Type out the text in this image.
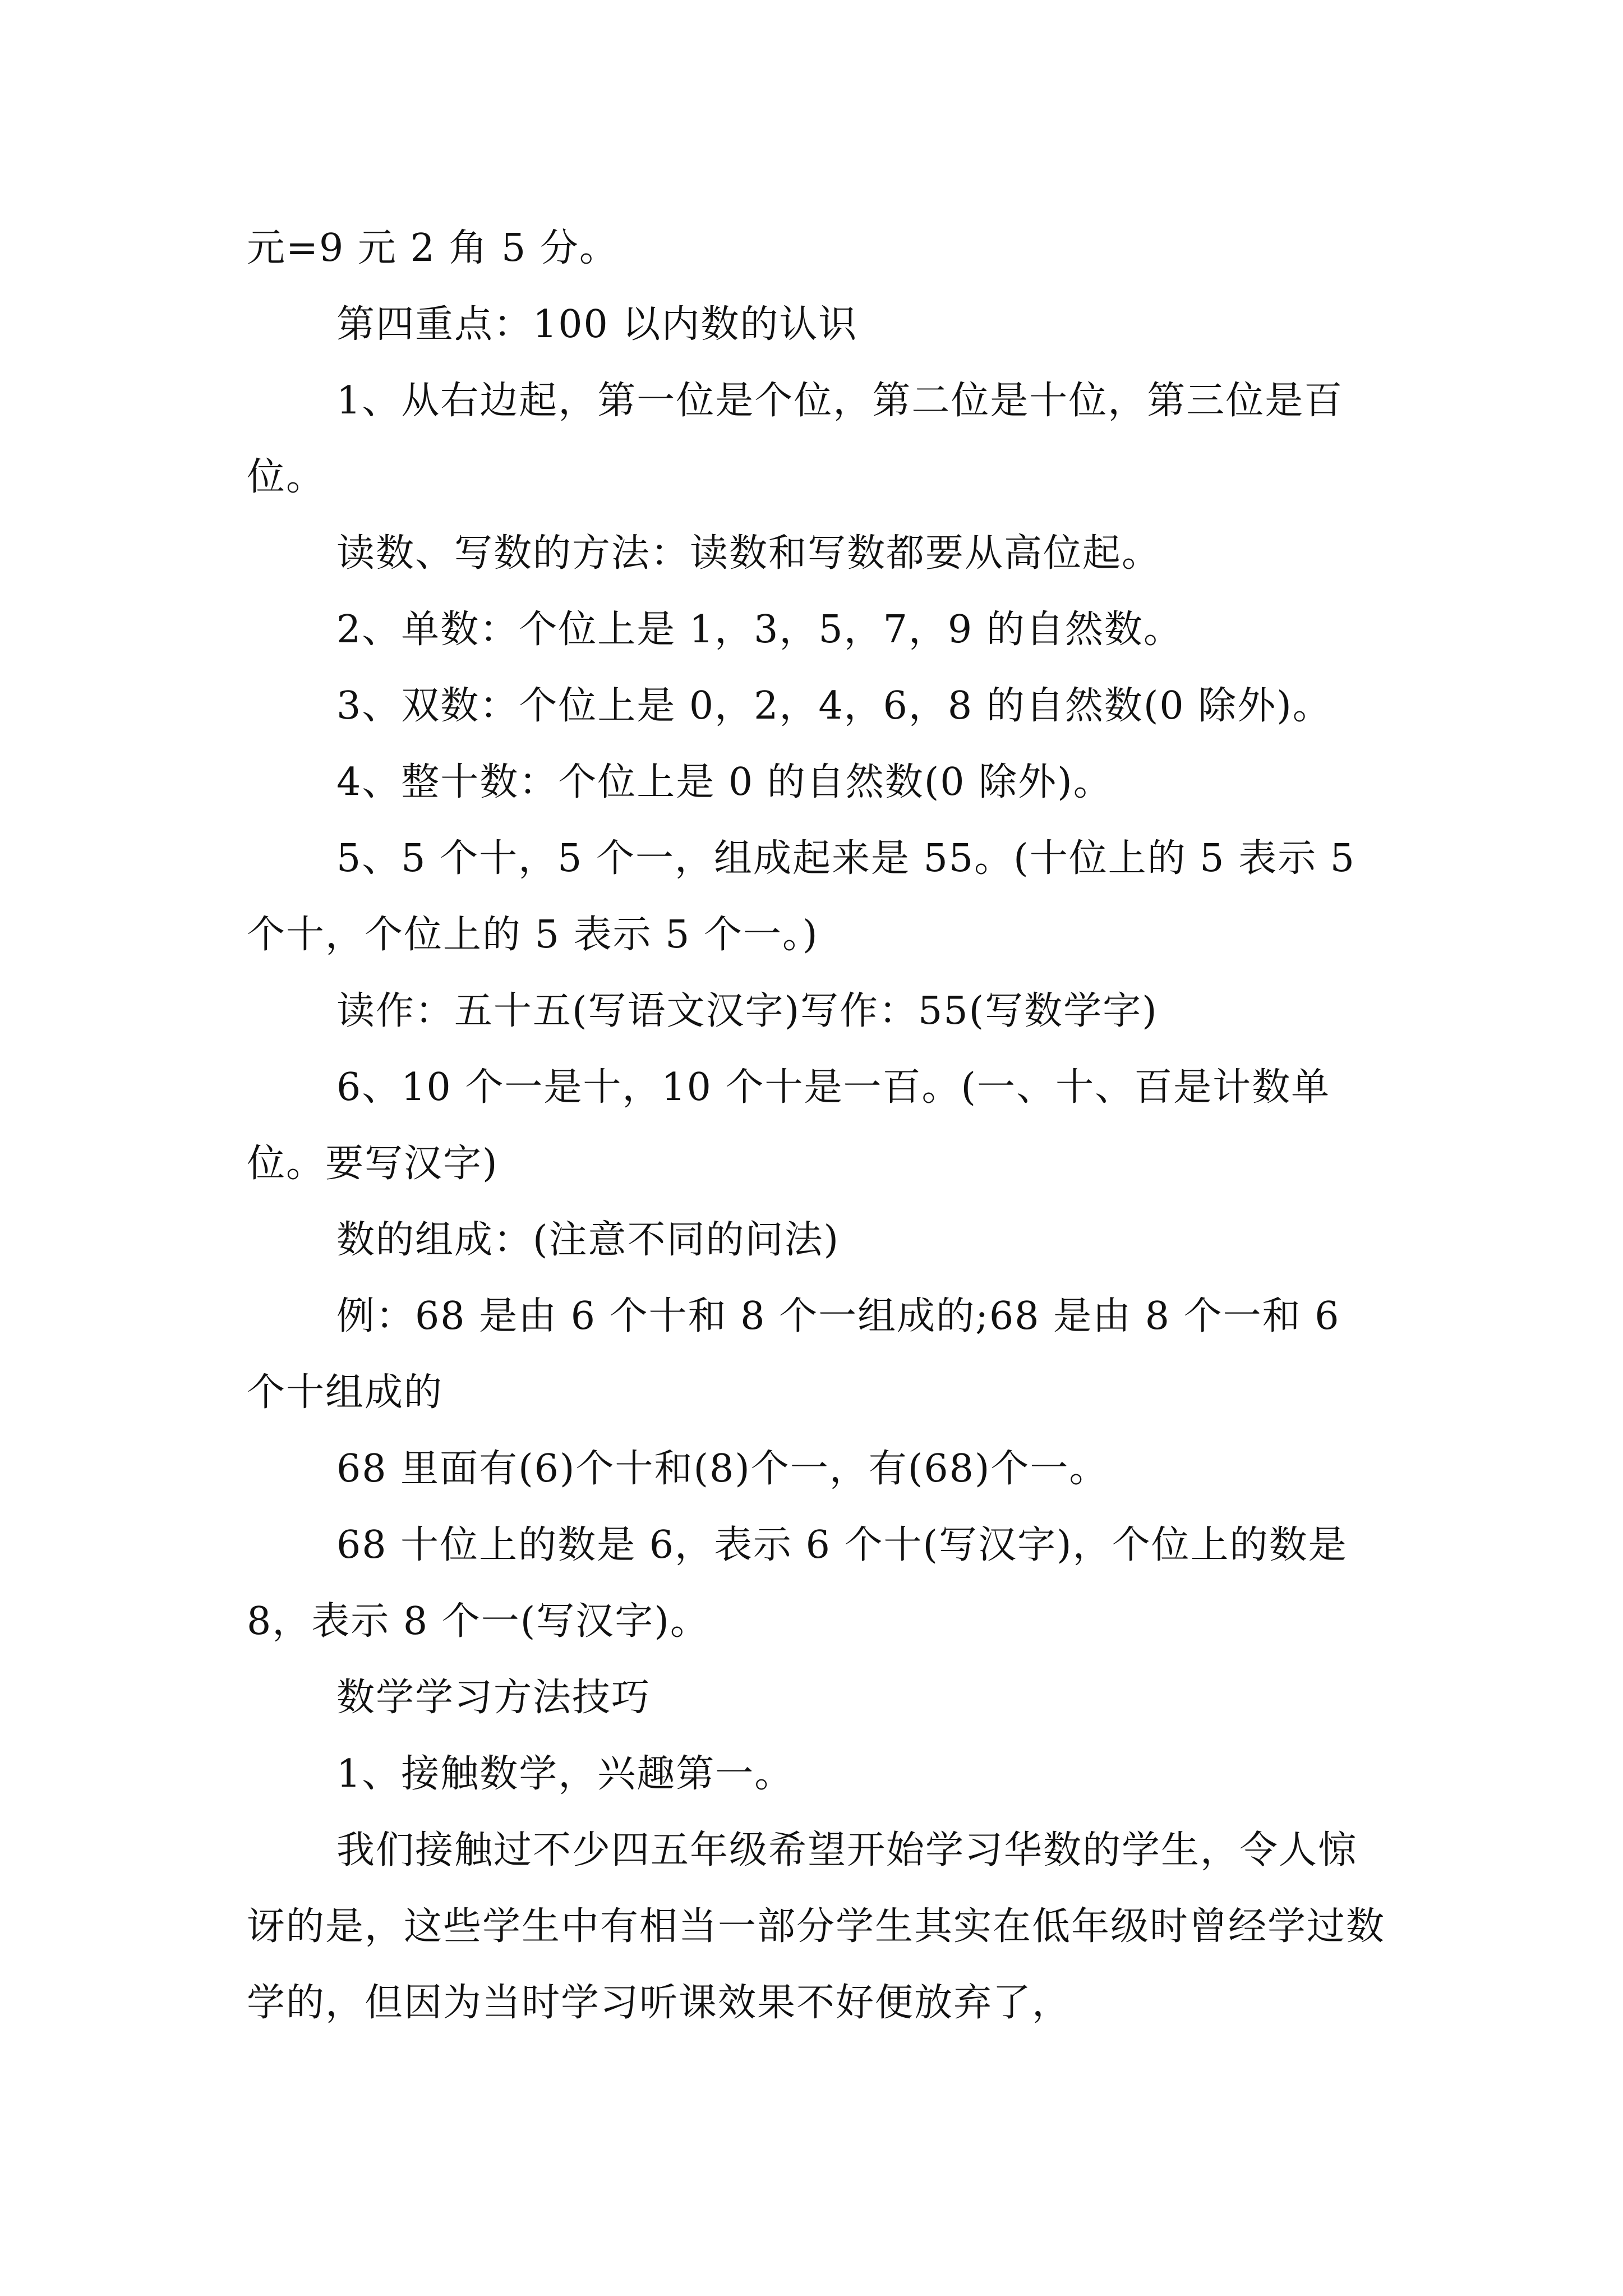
元=9 元 2 角 5 分。

第四重点：100 以内数的认识

1、从右边起，第一位是个位，第二位是十位，第三位是百位。

读数、写数的方法：读数和写数都要从高位起。

2、单数：个位上是 1，3，5，7，9 的自然数。

3、双数：个位上是 0，2，4，6，8 的自然数(0 除外)。

4、整十数：个位上是 0 的自然数(0 除外)。

5、5 个十，5 个一，组成起来是 55。(十位上的 5 表示 5 个十，个位上的 5 表示 5 个一。)

读作：五十五(写语文汉字)写作：55(写数学字)

6、10 个一是十，10 个十是一百。(一、十、百是计数单位。要写汉字)

数的组成：(注意不同的问法)

例：68 是由 6 个十和 8 个一组成的;68 是由 8 个一和 6 个十组成的

68 里面有(6)个十和(8)个一，有(68)个一。

68 十位上的数是 6，表示 6 个十(写汉字)，个位上的数是 8，表示 8 个一(写汉字)。

数学学习方法技巧

1、接触数学，兴趣第一。

我们接触过不少四五年级希望开始学习华数的学生，令人惊讶的是，这些学生中有相当一部分学生其实在低年级时曾经学过数学的，但因为当时学习听课效果不好便放弃了，
